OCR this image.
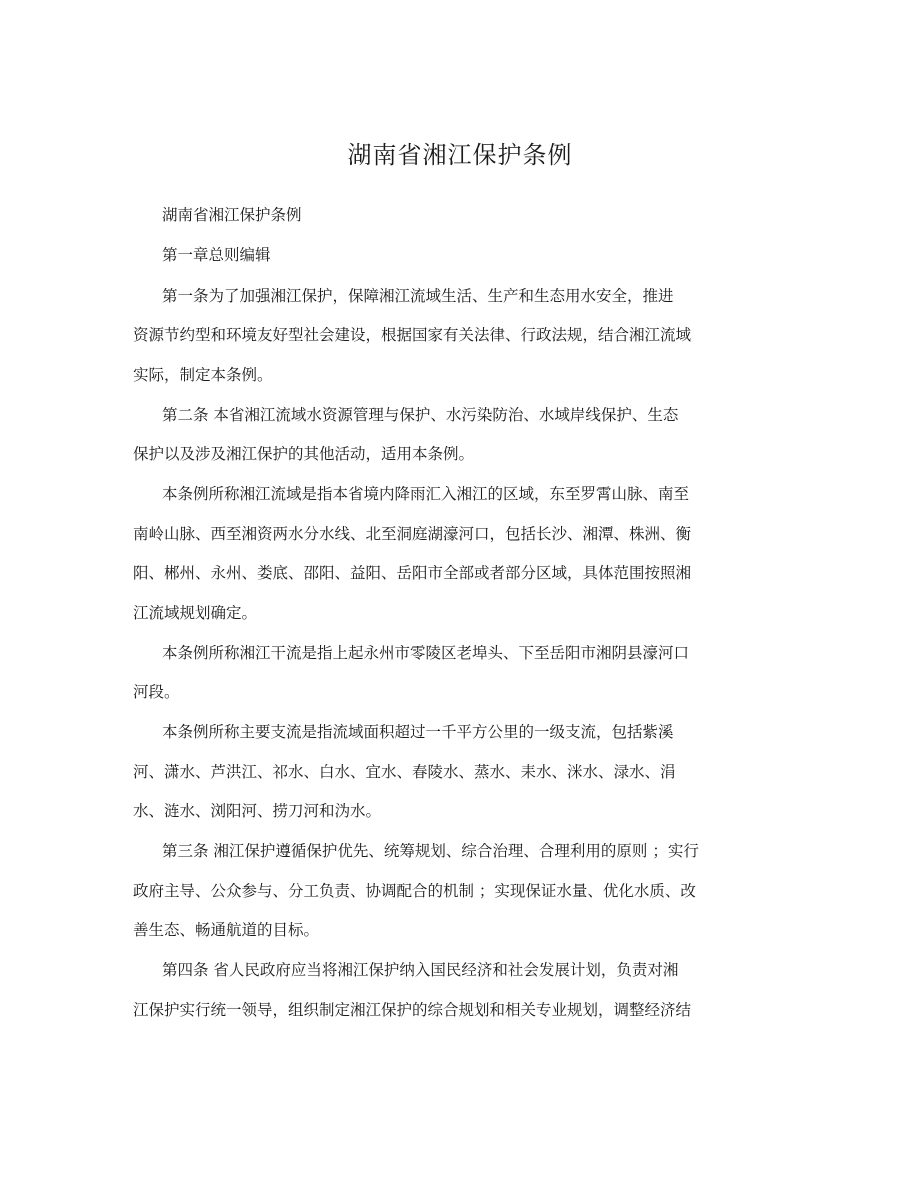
湖南省湘江保护条例

湖南省湘江保护条例

第一章总则编辑

第一条为了加强湘江保护，保障湘江流域生活、生产和生态用水安全，推进

资源节约型和环境友好型社会建设，根据国家有关法律、行政法规，结合湘江流域

实际，制定本条例。

第二条 本省湘江流域水资源管理与保护、水污染防治、水域岸线保护、生态

保护以及涉及湘江保护的其他活动，适用本条例。

本条例所称湘江流域是指本省境内降雨汇入湘江的区域，东至罗霄山脉、南至

南岭山脉、西至湘资两水分水线、北至洞庭湖濠河口，包括长沙、湘潭、株洲、衡

阳、郴州、永州、娄底、邵阳、益阳、岳阳市全部或者部分区域，具体范围按照湘

江流域规划确定。

本条例所称湘江干流是指上起永州市零陵区老埠头、下至岳阳市湘阴县濠河口

河段。

本条例所称主要支流是指流域面积超过一千平方公里的一级支流，包括紫溪

河、潇水、芦洪江、祁水、白水、宜水、春陵水、蒸水、耒水、洣水、渌水、涓

水、涟水、浏阳河、捞刀河和沩水。

第三条 湘江保护遵循保护优先、统筹规划、综合治理、合理利用的原则 ；实行

政府主导、公众参与、分工负责、协调配合的机制 ；实现保证水量、优化水质、改

善生态、畅通航道的目标。

第四条 省人民政府应当将湘江保护纳入国民经济和社会发展计划，负责对湘

江保护实行统一领导，组织制定湘江保护的综合规划和相关专业规划，调整经济结
